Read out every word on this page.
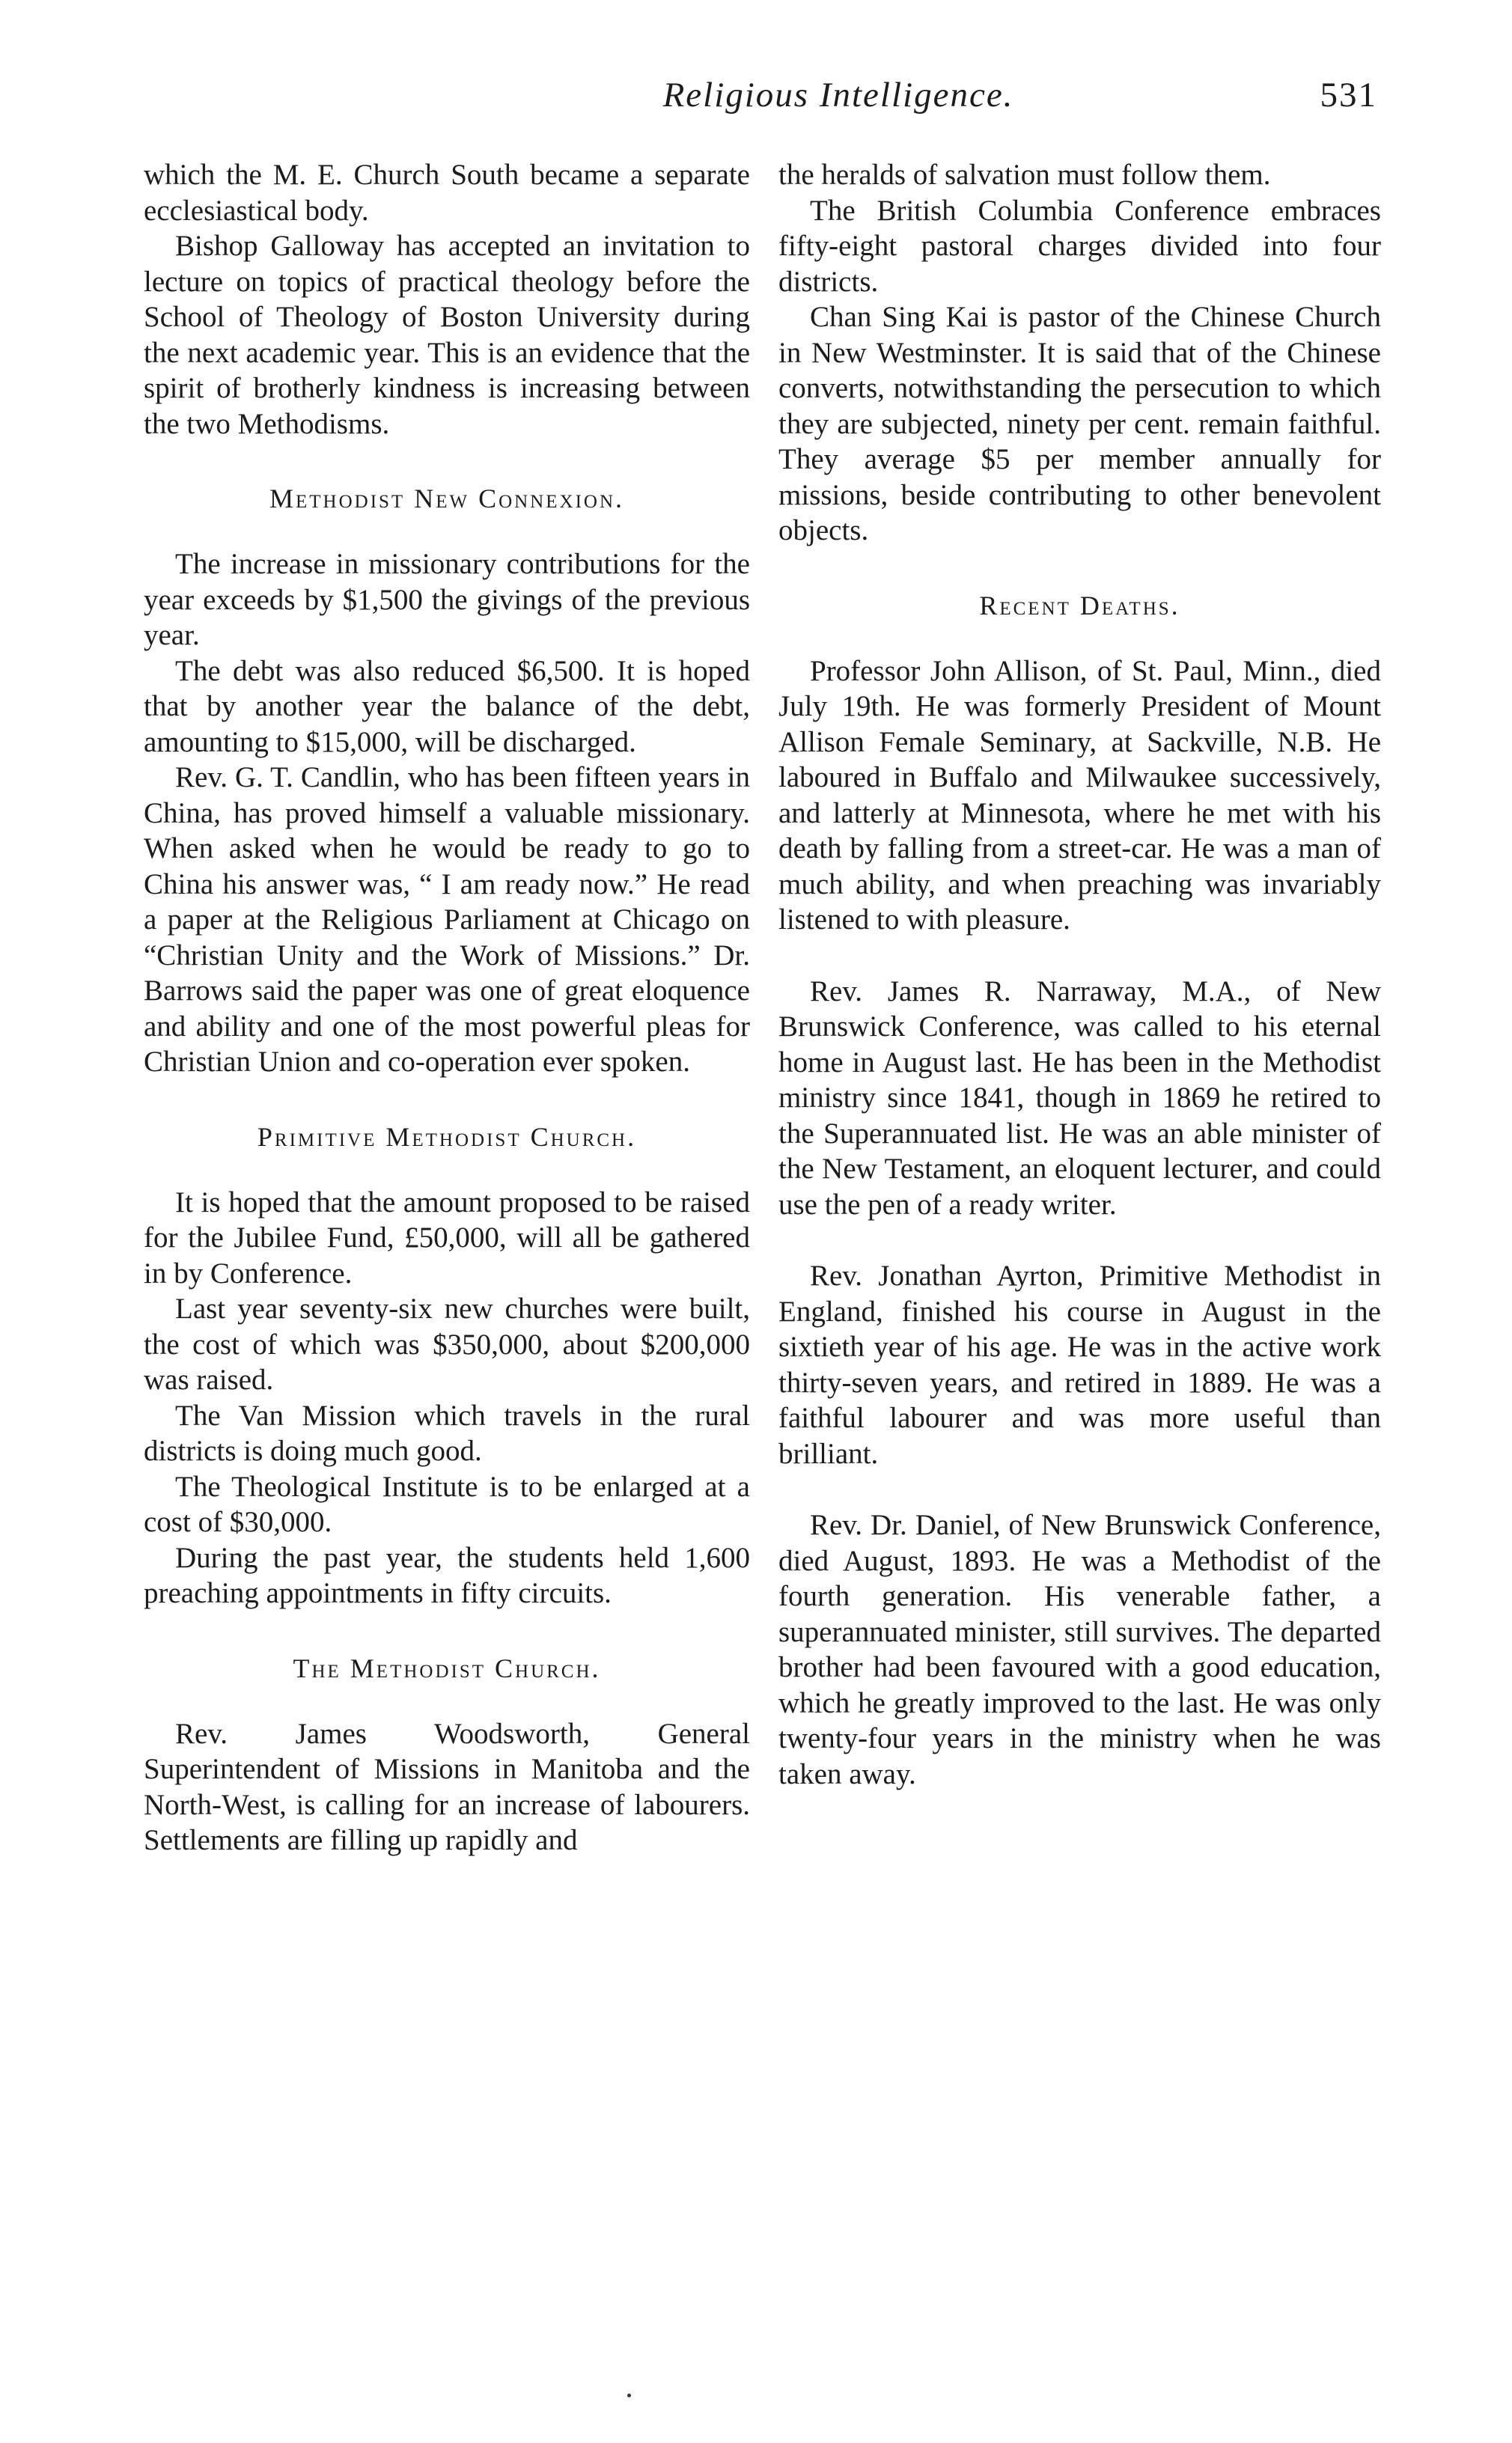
Religious Intelligence.	531

which the M. E. Church South became a separate ecclesiastical body.

Bishop Galloway has accepted an invitation to lecture on topics of practical theology before the School of Theology of Boston University during the next academic year. This is an evidence that the spirit of brotherly kindness is increasing between the two Methodisms.

Methodist New Connexion.

The increase in missionary contributions for the year exceeds by $1,500 the givings of the previous year.

The debt was also reduced $6,500. It is hoped that by another year the balance of the debt, amounting to $15,000, will be discharged.

Rev. G. T. Candlin, who has been fifteen years in China, has proved himself a valuable missionary. When asked when he would be ready to go to China his answer was, “ I am ready now.” He read a paper at the Religious Parliament at Chicago on “Christian Unity and the Work of Missions.” Dr. Barrows said the paper was one of great eloquence and ability and one of the most powerful pleas for Christian Union and co-operation ever spoken.

Primitive Methodist Church.

It is hoped that the amount proposed to be raised for the Jubilee Fund, £50,000, will all be gathered in by Conference.

Last year seventy-six new churches were built, the cost of which was $350,000, about $200,000 was raised.

The Van Mission which travels in the rural districts is doing much good.

The Theological Institute is to be enlarged at a cost of $30,000.

During the past year, the students held 1,600 preaching appointments in fifty circuits.

The Methodist Church.

Rev. James Woodsworth, General Superintendent of Missions in Manitoba and the North-West, is calling for an increase of labourers. Settlements are filling up rapidly and

the heralds of salvation must follow them.

The British Columbia Conference embraces fifty-eight pastoral charges divided into four districts.

Chan Sing Kai is pastor of the Chinese Church in New Westminster. It is said that of the Chinese converts, notwithstanding the persecution to which they are subjected, ninety per cent. remain faithful. They average $5 per member annually for missions, beside contributing to other benevolent objects.

Recent Deaths.

Professor John Allison, of St. Paul, Minn., died July 19th. He was formerly President of Mount Allison Female Seminary, at Sackville, N.B. He laboured in Buffalo and Milwaukee successively, and latterly at Minnesota, where he met with his death by falling from a street-car. He was a man of much ability, and when preaching was invariably listened to with pleasure.

Rev. James R. Narraway, M.A., of New Brunswick Conference, was called to his eternal home in August last. He has been in the Methodist ministry since 1841, though in 1869 he retired to the Superannuated list. He was an able minister of the New Testament, an eloquent lecturer, and could use the pen of a ready writer.

Rev. Jonathan Ayrton, Primitive Methodist in England, finished his course in August in the sixtieth year of his age. He was in the active work thirty-seven years, and retired in 1889. He was a faithful labourer and was more useful than brilliant.

Rev. Dr. Daniel, of New Brunswick Conference, died August, 1893. He was a Methodist of the fourth generation. His venerable father, a superannuated minister, still survives. The departed brother had been favoured with a good education, which he greatly improved to the last. He was only twenty-four years in the ministry when he was taken away.
